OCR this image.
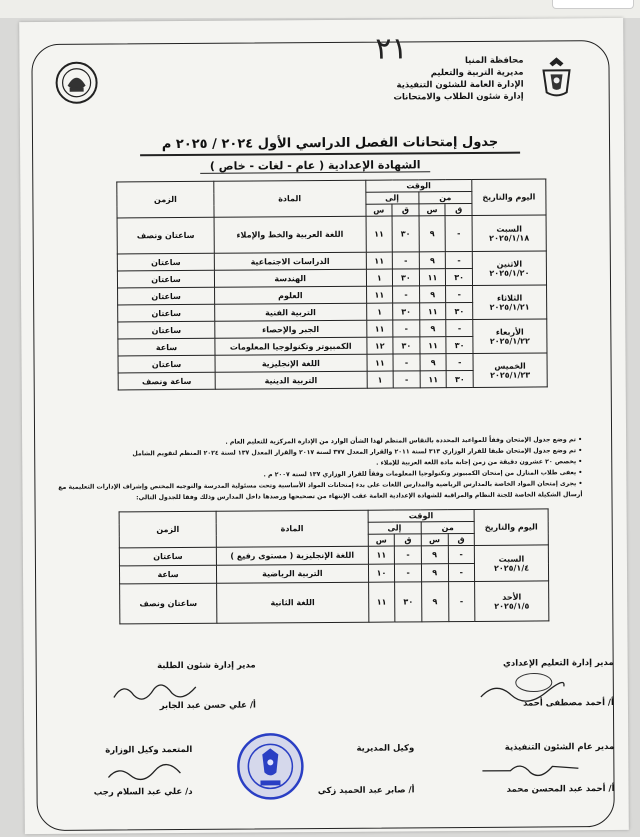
٢١	محافظة المنيا
مديرية التربية والتعليم
الإدارة العامة للشئون التنفيذية
إدارة شئون الطلاب والامتحانات
جدول إمتحانات الفصل الدراسي الأول ٢٠٢٤ / ٢٠٢٥ م
الشهادة الإعدادية ( عام - لغات - خاص )
اليوم والتاريخ	الوقت				المادة	الزمن
	من		إلى			
	ق	س	ق	س		

السبت
٢٠٢٥/١/١٨	-	٩	٣٠	١١	اللغة العربية والخط والإملاء	ساعتان ونصف

الاثنين
٢٠٢٥/١/٢٠	-	٩	-	١١	الدراسات الاجتماعية	ساعتان
	٣٠	١١	٣٠	١	الهندسة	ساعتان

الثلاثاء
٢٠٢٥/١/٢١	-	٩	-	١١	العلوم	ساعتان
	٣٠	١١	٣٠	١	التربية الفنية	ساعتان

الأربعاء
٢٠٢٥/١/٢٢	-	٩	-	١١	الجبر والإحصاء	ساعتان
	٣٠	١١	٣٠	١٢	الكمبيوتر وتكنولوجيا المعلومات	ساعة

الخميس
٢٠٢٥/١/٢٣	-	٩	-	١١	اللغة الإنجليزية	ساعتان
	٣٠	١١	-	١	التربية الدينية	ساعة ونصف
• تم وضع جدول الإمتحان وفقاً للمواعيد المحددة بالتقاس المنظم لهذا الشأن الوارد من الإدارة المركزية للتعليم العام .
• تم وضع جدول الإمتحان طبقا للقرار الوزاري ٣١٣ لسنة ٢٠١١ والقرار المعدل ٣٧٧ لسنة ٢٠١٧ والقرار المعدل ١٣٧ لسنة ٢٠٢٤ المنظم لتقويم الشامل
• يخصص ٢٠ عشرون دقيقة من زمن إجابة مادة اللغة العربية للإملاء .
• يعفى طلاب المنازل من إمتحان الكمبيوتر وتكنولوجيا المعلومات وفقاً للقرار الوزاري ١٣٧ لسنة ٢٠٠٧ م .
• يجرى إمتحان المواد الخاصة بالمدارس الرياضية والمدارس اللغات على بدء إمتحانات المواد الأساسية وتحت مسئولية المدرسة والتوجيه المختص وإشراف الإدارات التعليمية مع
أرسال الشكيلة الخاصة للجنة النظام والمراقبة للشهادة الإعدادية العامة عقب الإنتهاء من تصحيحها ورصدها داخل المدارس وذلك وفقا للجدول التالي:
اليوم والتاريخ	الوقت				المادة	الزمن
	من		إلى			
	ق	س	ق	س		

السبت
٢٠٢٥/١/٤	-	٩	-	١١	اللغة الإنجليزية ( مستوى رفيع )	ساعتان
	-	٩	-	١٠	التربية الرياضية	ساعة

الأحد
٢٠٢٥/١/٥	-	٩	٣٠	١١	اللغة الثانية	ساعتان ونصف
مدير إدارة التعليم الإعدادي
أ/ أحمد مصطفى أحمد
مدير إدارة شئون الطلبة
أ/ علي حسن عبد الجابر
مدير عام الشئون التنفيذية
أ/ أحمد عبد المحسن محمد
وكيل المديرية
أ/ صابر عبد الحميد زكي
المتعمد وكيل الوزارة
د/ علي عبد السلام رجب
